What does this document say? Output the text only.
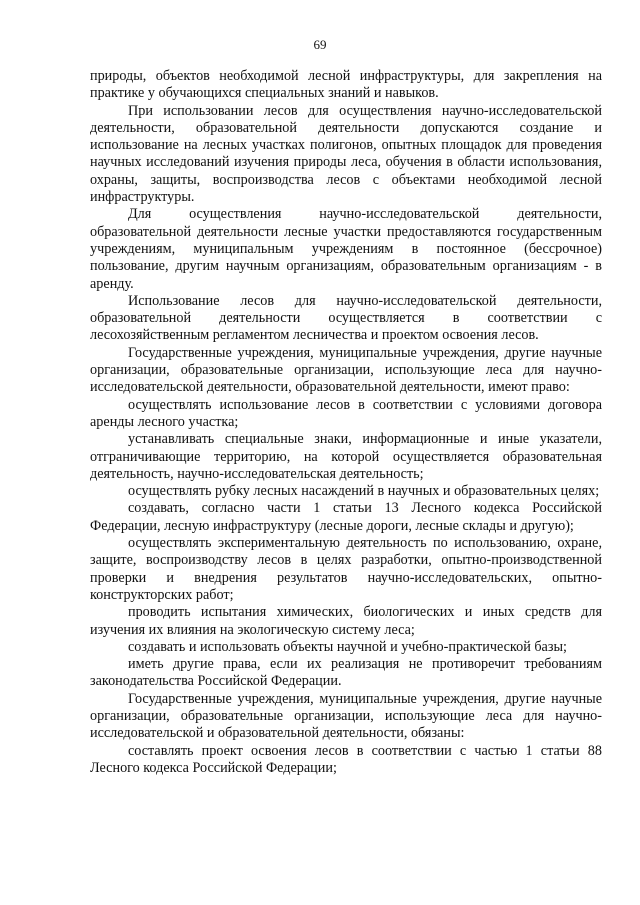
69

природы, объектов необходимой лесной инфраструктуры, для закрепления на практике у обучающихся специальных знаний и навыков.

При использовании лесов для осуществления научно-исследовательской деятельности, образовательной деятельности допускаются создание и использование на лесных участках полигонов, опытных площадок для проведения научных исследований изучения природы леса, обучения в области использования, охраны, защиты, воспроизводства лесов с объектами необходимой лесной инфраструктуры.

Для осуществления научно-исследовательской деятельности, образовательной деятельности лесные участки предоставляются государственным учреждениям, муниципальным учреждениям в постоянное (бессрочное) пользование, другим научным организациям, образовательным организациям - в аренду.

Использование лесов для научно-исследовательской деятельности, образовательной деятельности осуществляется в соответствии с лесохозяйственным регламентом лесничества и проектом освоения лесов.

Государственные учреждения, муниципальные учреждения, другие научные организации, образовательные организации, использующие леса для научно-исследовательской деятельности, образовательной деятельности, имеют право:

осуществлять использование лесов в соответствии с условиями договора аренды лесного участка;

устанавливать специальные знаки, информационные и иные указатели, отграничивающие территорию, на которой осуществляется образовательная деятельность, научно-исследовательская деятельность;

осуществлять рубку лесных насаждений в научных и образовательных целях;

создавать, согласно части 1 статьи 13 Лесного кодекса Российской Федерации, лесную инфраструктуру (лесные дороги, лесные склады и другую);

осуществлять экспериментальную деятельность по использованию, охране, защите, воспроизводству лесов в целях разработки, опытно-производственной проверки и внедрения результатов научно-исследовательских, опытно-конструкторских работ;

проводить испытания химических, биологических и иных средств для изучения их влияния на экологическую систему леса;

создавать и использовать объекты научной и учебно-практической базы;

иметь другие права, если их реализация не противоречит требованиям законодательства Российской Федерации.

Государственные учреждения, муниципальные учреждения, другие научные организации, образовательные организации, использующие леса для научно-исследовательской и образовательной деятельности, обязаны:

составлять проект освоения лесов в соответствии с частью 1 статьи 88 Лесного кодекса Российской Федерации;
